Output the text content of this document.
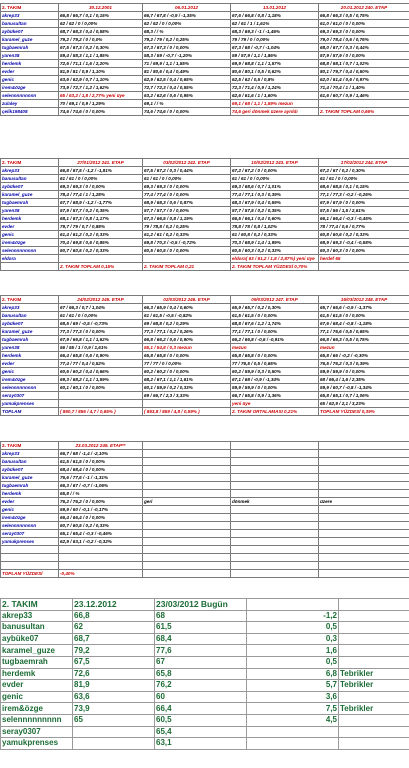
2. TAKIM	30.12.2001	06.01.2012	13.01.2012	20.01.2012 240. ETAP
akrep33	66,8 / 66,7 / 0,1 / 0,15%	66,7 / 67,8 / -0,9 / -1,35%	67,6 / 66,8 / 0,8 / 1,18%	66,8 / 66,3 / 0,5 / 0,75%
banusultan	62 / 62 / 0 / 0,00%	62 / 62 / 0 / 0,00%	62 / 61 / 1 / 1,61%	61,0 / 61,0 / 0 / 0,00%
aybüke07	68,7 / 68,3 / 0,4 / 0,58%	68,3 / / %	68,3 / 69,3 / -1 / -1,46%	69,3 / 69,3 / 0 / 0,00%
karamel_guze	79,2 / 79,2 / 0 / 0,0%	79,2 / 79 / 0,2 / 0,25%	79 / 79 / 0 / 0,00%	79,0 / 78,4 / 0,6 / 0,76%
tugbaemrah	67,5 / 67,3 / 0,2 / 0,30%	67,3 / 67,3 / 0 / 0,00%	67,3 / 68 / -0,7 / -1,04%	68,0 / 67,7 / 0,3 / 0,44%
yaren38	59,4 / 58,3 / 1,1 / 1,85%	58,3 / 59 / -0,7 / -1,20%	59 / 57,9 / 1,1 / 1,86%	57,9 / 57,9 / 0 / 0,00%
herdemk	72,6 / 71,1 / 1,6 / 2,20%	71 / 69,9 / 1,1 / 1,55%	69,9 / 68,8 / 1,1 / 1,57%	68,8 / 68,1 / 0,7 / 1,02%
evder	81,9 / 81 / 0,9 / 1,10%	81 / 80,6 / 0,4 / 0,49%	80,6 / 80,1 / 0,5 / 0,62%	80,1 / 79,7 / 0,4 / 0,50%
genic	63,6 / 62,9 / 0,7 / 1,10%	62,9 / 62,5 / 0,4 / 0,65%	62,5 / 62 / 0,5 / 0,8%	62,0 / 61,4 / 0,6 / 0,97%
irem&özge	73,9 / 72,7 / 1,2 / 1,62%	72,7 / 72,3 / 0,4 / 0,55%	72,3 / 71,4 / 0,9 / 1,24%	71,4 / 70,4 / 1 / 1,40%
selennnnnnnnn	65 / 63,2 / 1,8 / 2,77% yeni üye	63,2 / 62,6 / 0,6 / 0,95%	62,6 / 61,6 / 1 / 1,60%	61,6 / 60,7 / 0,9 / 1,46%
zulaley	70 / 69,1 / 0,9 / 1,29%	69,1 / / %	69,1 / 68 / 1,1 / 1,59% mezun	
çelik198408	74,6 / 74,6 / 0 / 0,00%	74,6 / 74,6 / 0 / 0,00%	74,6 geri dönmek üzere ayrıldı	2. TAKIM TOPLAM 0,66%
2. TAKIM	27/01/2012 241. ETAP	03/02/2012 242. ETAP	10/02/2012 243. ETAP	17/02/2012 244. ETAP
akrep33	66,8 / 67,5 / -1,2 / -1,81%	67,5 / 67,2 / 0,3 / 0,44%	67,2 / 67,2 / 0 / 0,00%	67,2 / 67 / 0,2 / 0,30%
banusultan	61 / 61 / 0 / 0,00%	61 / 61 / 0 / 0,00%	61 / 61 / 0 / 0,00%	61 / 61 / 0 / 0,00%
aybüke07	69,3 / 69,3 / 0 / 0,00%	69,3 / 69,3 / 0 / 0,00%	69,3 / 68,6 / 0,7 / 1,01%	68,6 / 68,5 / 0,1 / 0,15%
karamel_guze	78,4 / 77,4 / 1 / 1,28%	77,4 / 77,4 / 0 / 0,00%	77,4 / 77,1 / 0,3 / 0,39%	77,1 / 77,3 / -0,2 / -0,26%
tugbaemrah	67,7 / 68,9 / -1,2 / -1,77%	68,9 / 68,3 / 0,6 / 0,87%	68,3 / 67,9 / 0,4 / 0,59%	67,9 / 67,9 / 0 / 0,00%
yaren38	57,9 / 57,7 / 0,2 / 0,35%	57,7 / 57,7 / 0 / 0,00%	57,7 / 57,5 / 0,2 / 0,35%	57,5 / 56 / 1,5 / 2,61%
herdemk	68,1 / 67,3 / 0,8 / 1,17%	67,3 / 66,5 / 0,8 / 1,19%	66,5 / 66,1 / 0,4 / 0,60%	66,1 / 66,4 / -0,3 / -0,45%
evder	79,7 / 79 / 0,7 / 0,88%	79 / 78,8 / 0,2 / 0,25%	78,8 / 78 / 0,8 / 1,02%	78 / 77,4 / 0,6 / 0,77%
genic	61,4 / 61,2 / 0,2 / 0,33%	61,2 / 61 / 0,2 / 0,33%	61 / 60,8 / 0,2 / 0,33%	60,8 / 60,6 / 0,2 / 0,33%
irem&özge	70,4 / 69,8 / 0,6 / 0,85%	69,8 / 70,3 / -0,5 / -0,72%	70,3 / 68,9 / 1,4 / 1,99%	68,9 / 69,3 / -0,4 / -0,58%
selennnnnnnnn	60,7 / 60,5 / 0,2 / 0,33%	60,5 / 60,5 / 0 / 0,00%	60,5 / 60,3 / 0,2 / 0,33%	60,3 / 60,3 / 0 / 0,00%
eldora			eldora( 63 / 61,2 / 1,8 / 2,87%) yeni üye	herdef 65
	2. TAKIM TOPLAM 0,15%	2. TAKIM TOPLAM 0,21	2. TAKIM TOPLAM YÜZDESİ 0,70%	
2. TAKIM	24/02/2012 245. ETAP	02/03/2012 246. ETAP	09/03/2012 247. ETAP	16/03/2012 248. ETAP
akrep33	67 / 66,3 / 0,7 / 1,04%	66,3 / 65,9 / 0,4 / 0,60%	65,9 / 65,7 / 0,2 / 0,30%	65,7 / 66,6 / -0,9 / -1,37%
banusultan	61 / 61 / 0 / 0,00%	61 / 61,5 / -0,5 / -0,82%	61,5 / 61,5 / 0 / 0,00%	61,5 / 61,5 / 0 / 0,00%
aybüke07	68,5 / 69 / -0,5 / -0,73%	69 / 68,8 / 0,2 / 0,29%	68,8 / 67,6 / 1,2 / 1,74%	67,6 / 68,4 / -0,8 / -1,18%
karamel_guze	77,3 / 77,3 / 0 / 0,00%	77,3 / 77,1 / 0,2 / 0,26%	77,1 / 77,1 / 0 / 0,00%	77,1 / 76,6 / 0,5 / 0,65%
tugbaemrah	67,9 / 66,8 / 1,1 / 1,62%	66,8 / 66,2 / 0,6 / 0,90%	66,2 / 66,8 / -0,6 / -0,91%	66,8 / 66,3 / 0,5 / 0,75%
yaren38	56 / 55 / 1 / 0,9 / 1,61%	55,1 / 54,8 / 0,3 mezun	mezun	mezun
herdemk	66,4 / 65,8 / 0,6 / 0,90%	65,8 / 65,8 / 0 / 0,00%	65,8 / 65,8 / 0 / 0,00%	65,8 / 66 / -0,2 / -0,30%
evder	77,4 / 77 / 0,4 / 0,52%	77 / 77 / 0 / 0,00%	77 / 76,5 / 0,5 / 0,65%	76,5 / 76,2 / 0,3 / 0,39%
genic	60,6 / 60,2 / 0,4 / 0,66%	60,2 / 60,2 / 0 / 0,00%	60,2 / 59,9 / 0,3 / 0,50%	59,9 / 59,9 / 0 / 0,00%
irem&özge	69,3 / 68,2 / 1,1 / 1,59%	68,2 / 67,1 / 1,1 / 1,61%	67,1 / 68 / -0,9 / -1,34%	68 / 66,4 / 1,6 / 2,35%
selennnnnnnnn	60,1 / 60,1 / 0 / 0,00%	60,1 / 59,9 / 0,2 / 0,33%	59,9 / 59,9 / 0 / 0,00%	59,9 / 60,7 / -0,8 / -1,34%
seray0307		69 / 66,7 / 2,3 / 3,33%	66,7 / 65,8 / 0,9 / 1,36%	65,8 / 65,1 / 0,7 / 1,06%
yamukprenses			yeni üye	65 / 62,9 / 2,1 / 3,23%
TOPLAM	( 860,7 / 856 / 4,7 / 0,65% )	( 863,8 / 859 / 4,8 / 0,59% )	2. TAKIM ORTALAMASI 0,21%	TOPLAM YÜZDESİ 0,39%
2. TAKIM	23.03.2012 249. ETAP**			
akrep33	66,7 / 68 / -1,4 / -2,10%			
banusultan	61,5 / 61,5 / 0 / 0,00%			
aybüke07	68,4 / 68,4 / 0 / 0,00%			
karamel_guze	76,6 / 77,6 / -1 / -1,31%			
tugbaemrah	66,3 / 67 / -0,7 / -1,06%			
herdemk	65,8 / / %			
evder	76,2 / 76,2 / 0 / 0,00%	geri	dönmek	üzere
genic	59,9 / 60 / -0,1 / -0,17%			
irem&özge	66,4 / 66,4 / 0 / 0,00%			
selennnnnnnnn	60,7 / 60,5 / 0,2 / 0,33%			
seray0307	65,1 / 65,4 / -0,3 / -0,46%			
yamukprenses	62,9 / 63,1 / -0,2 / -0,32%			

TOPLAM YÜZDESİ	-0,40%			
2. TAKIM	23.12.2012	23/03/2012 Bugün		
akrep33	66,8	68	-1,2	
banusultan	62	61,5	0,5	
aybüke07	68,7	68,4	0,3	
karamel_guze	79,2	77,6	1,6	
tugbaemrah	67,5	67	0,5	
herdemk	72,6	65,8	6,8	Tebrikler
evder	81,9	76,2	5,7	Tebrikler
genic	63,6	60	3,6	
irem&özge	73,9	66,4	7,5	Tebrikler
selennnnnnnnn	65	60,5	4,5	
seray0307		65,4		
yamukprenses		63,1		
